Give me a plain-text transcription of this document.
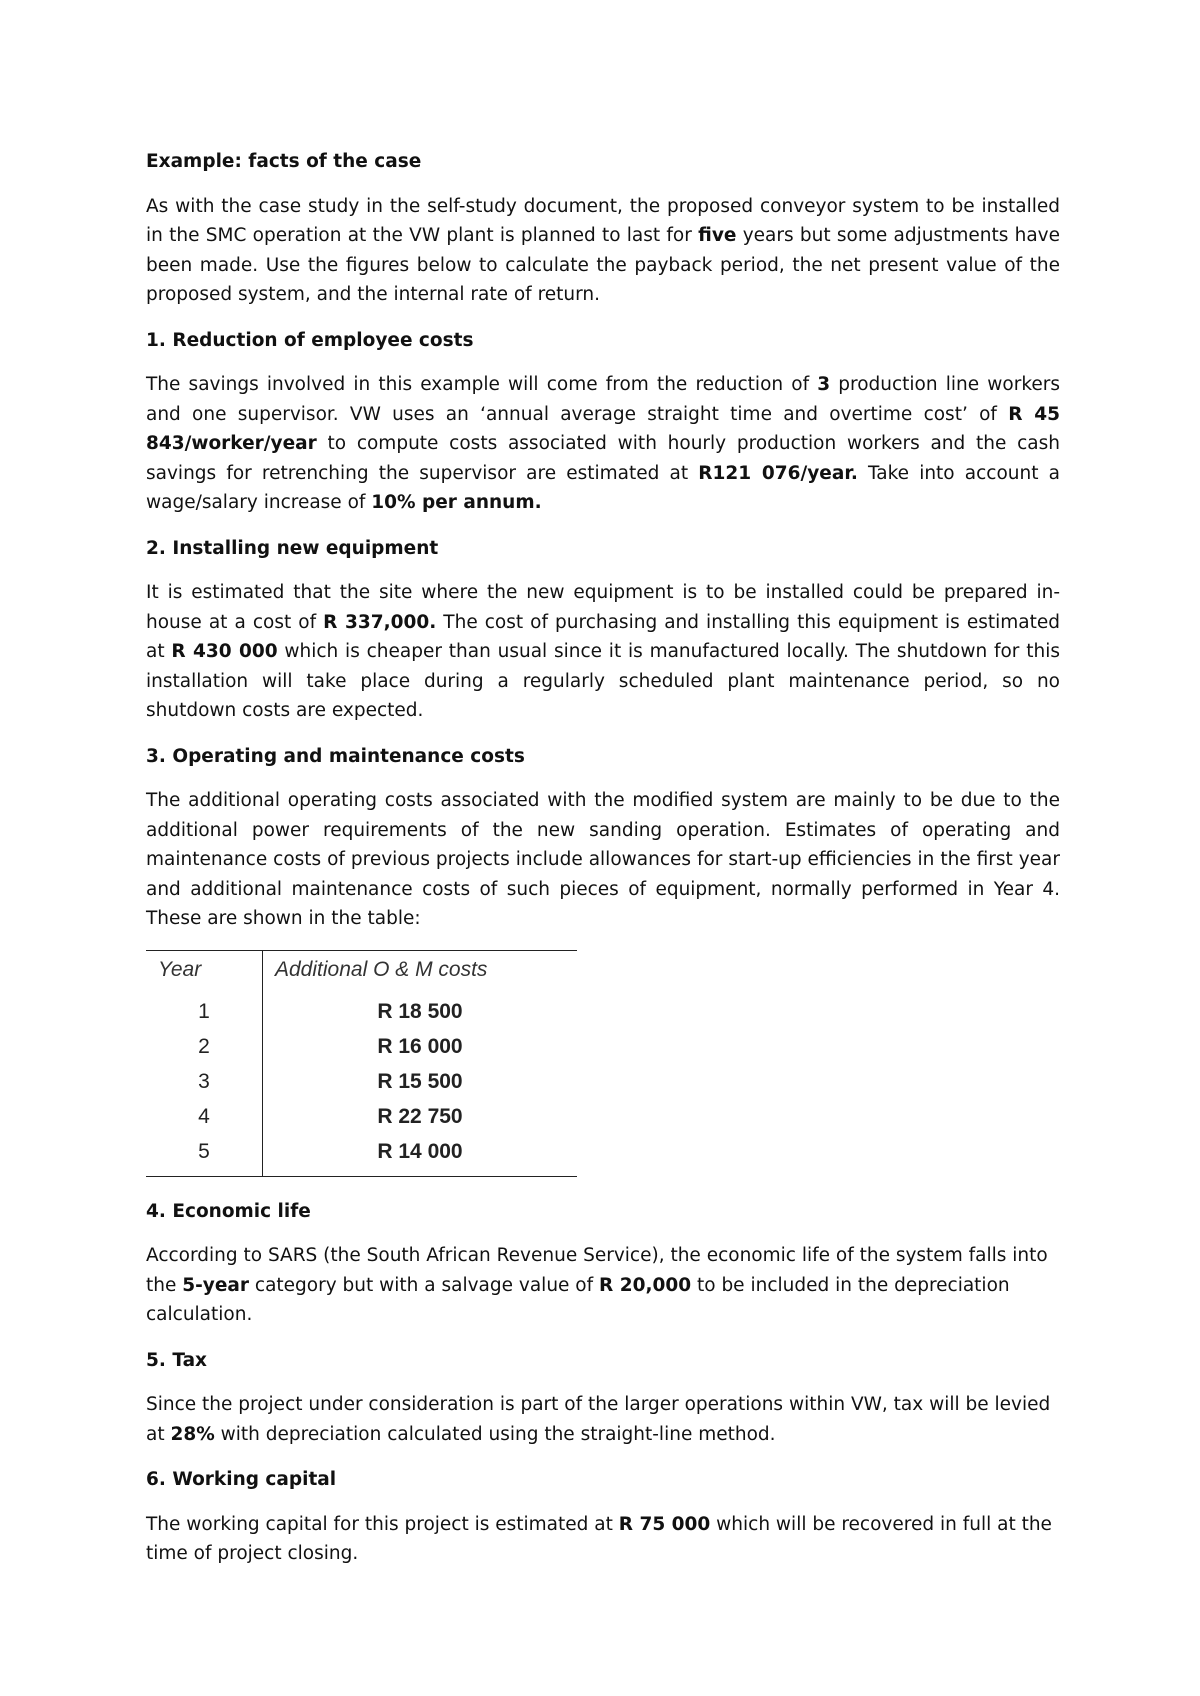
Example: facts of the case

As with the case study in the self-study document, the proposed conveyor system to be installed in the SMC operation at the VW plant is planned to last for five years but some adjustments have been made. Use the figures below to calculate the payback period, the net present value of the proposed system, and the internal rate of return.

1. Reduction of employee costs

The savings involved in this example will come from the reduction of 3 production line workers and one supervisor. VW uses an ‘annual average straight time and overtime cost’ of R 45 843/worker/year to compute costs associated with hourly production workers and the cash savings for retrenching the supervisor are estimated at R121 076/year. Take into account a wage/salary increase of 10% per annum.

2. Installing new equipment

It is estimated that the site where the new equipment is to be installed could be prepared in-house at a cost of R 337,000. The cost of purchasing and installing this equipment is estimated at R 430 000 which is cheaper than usual since it is manufactured locally. The shutdown for this installation will take place during a regularly scheduled plant maintenance period, so no shutdown costs are expected.

3. Operating and maintenance costs

The additional operating costs associated with the modified system are mainly to be due to the additional power requirements of the new sanding operation. Estimates of operating and maintenance costs of previous projects include allowances for start-up efficiencies in the first year and additional maintenance costs of such pieces of equipment, normally performed in Year 4. These are shown in the table:

Year	Additional O & M costs
1	R 18 500
2	R 16 000
3	R 15 500
4	R 22 750
5	R 14 000

4. Economic life

According to SARS (the South African Revenue Service), the economic life of the system falls into the 5-year category but with a salvage value of R 20,000 to be included in the depreciation calculation.

5. Tax

Since the project under consideration is part of the larger operations within VW, tax will be levied at 28% with depreciation calculated using the straight-line method.

6. Working capital

The working capital for this project is estimated at R 75 000 which will be recovered in full at the time of project closing.
